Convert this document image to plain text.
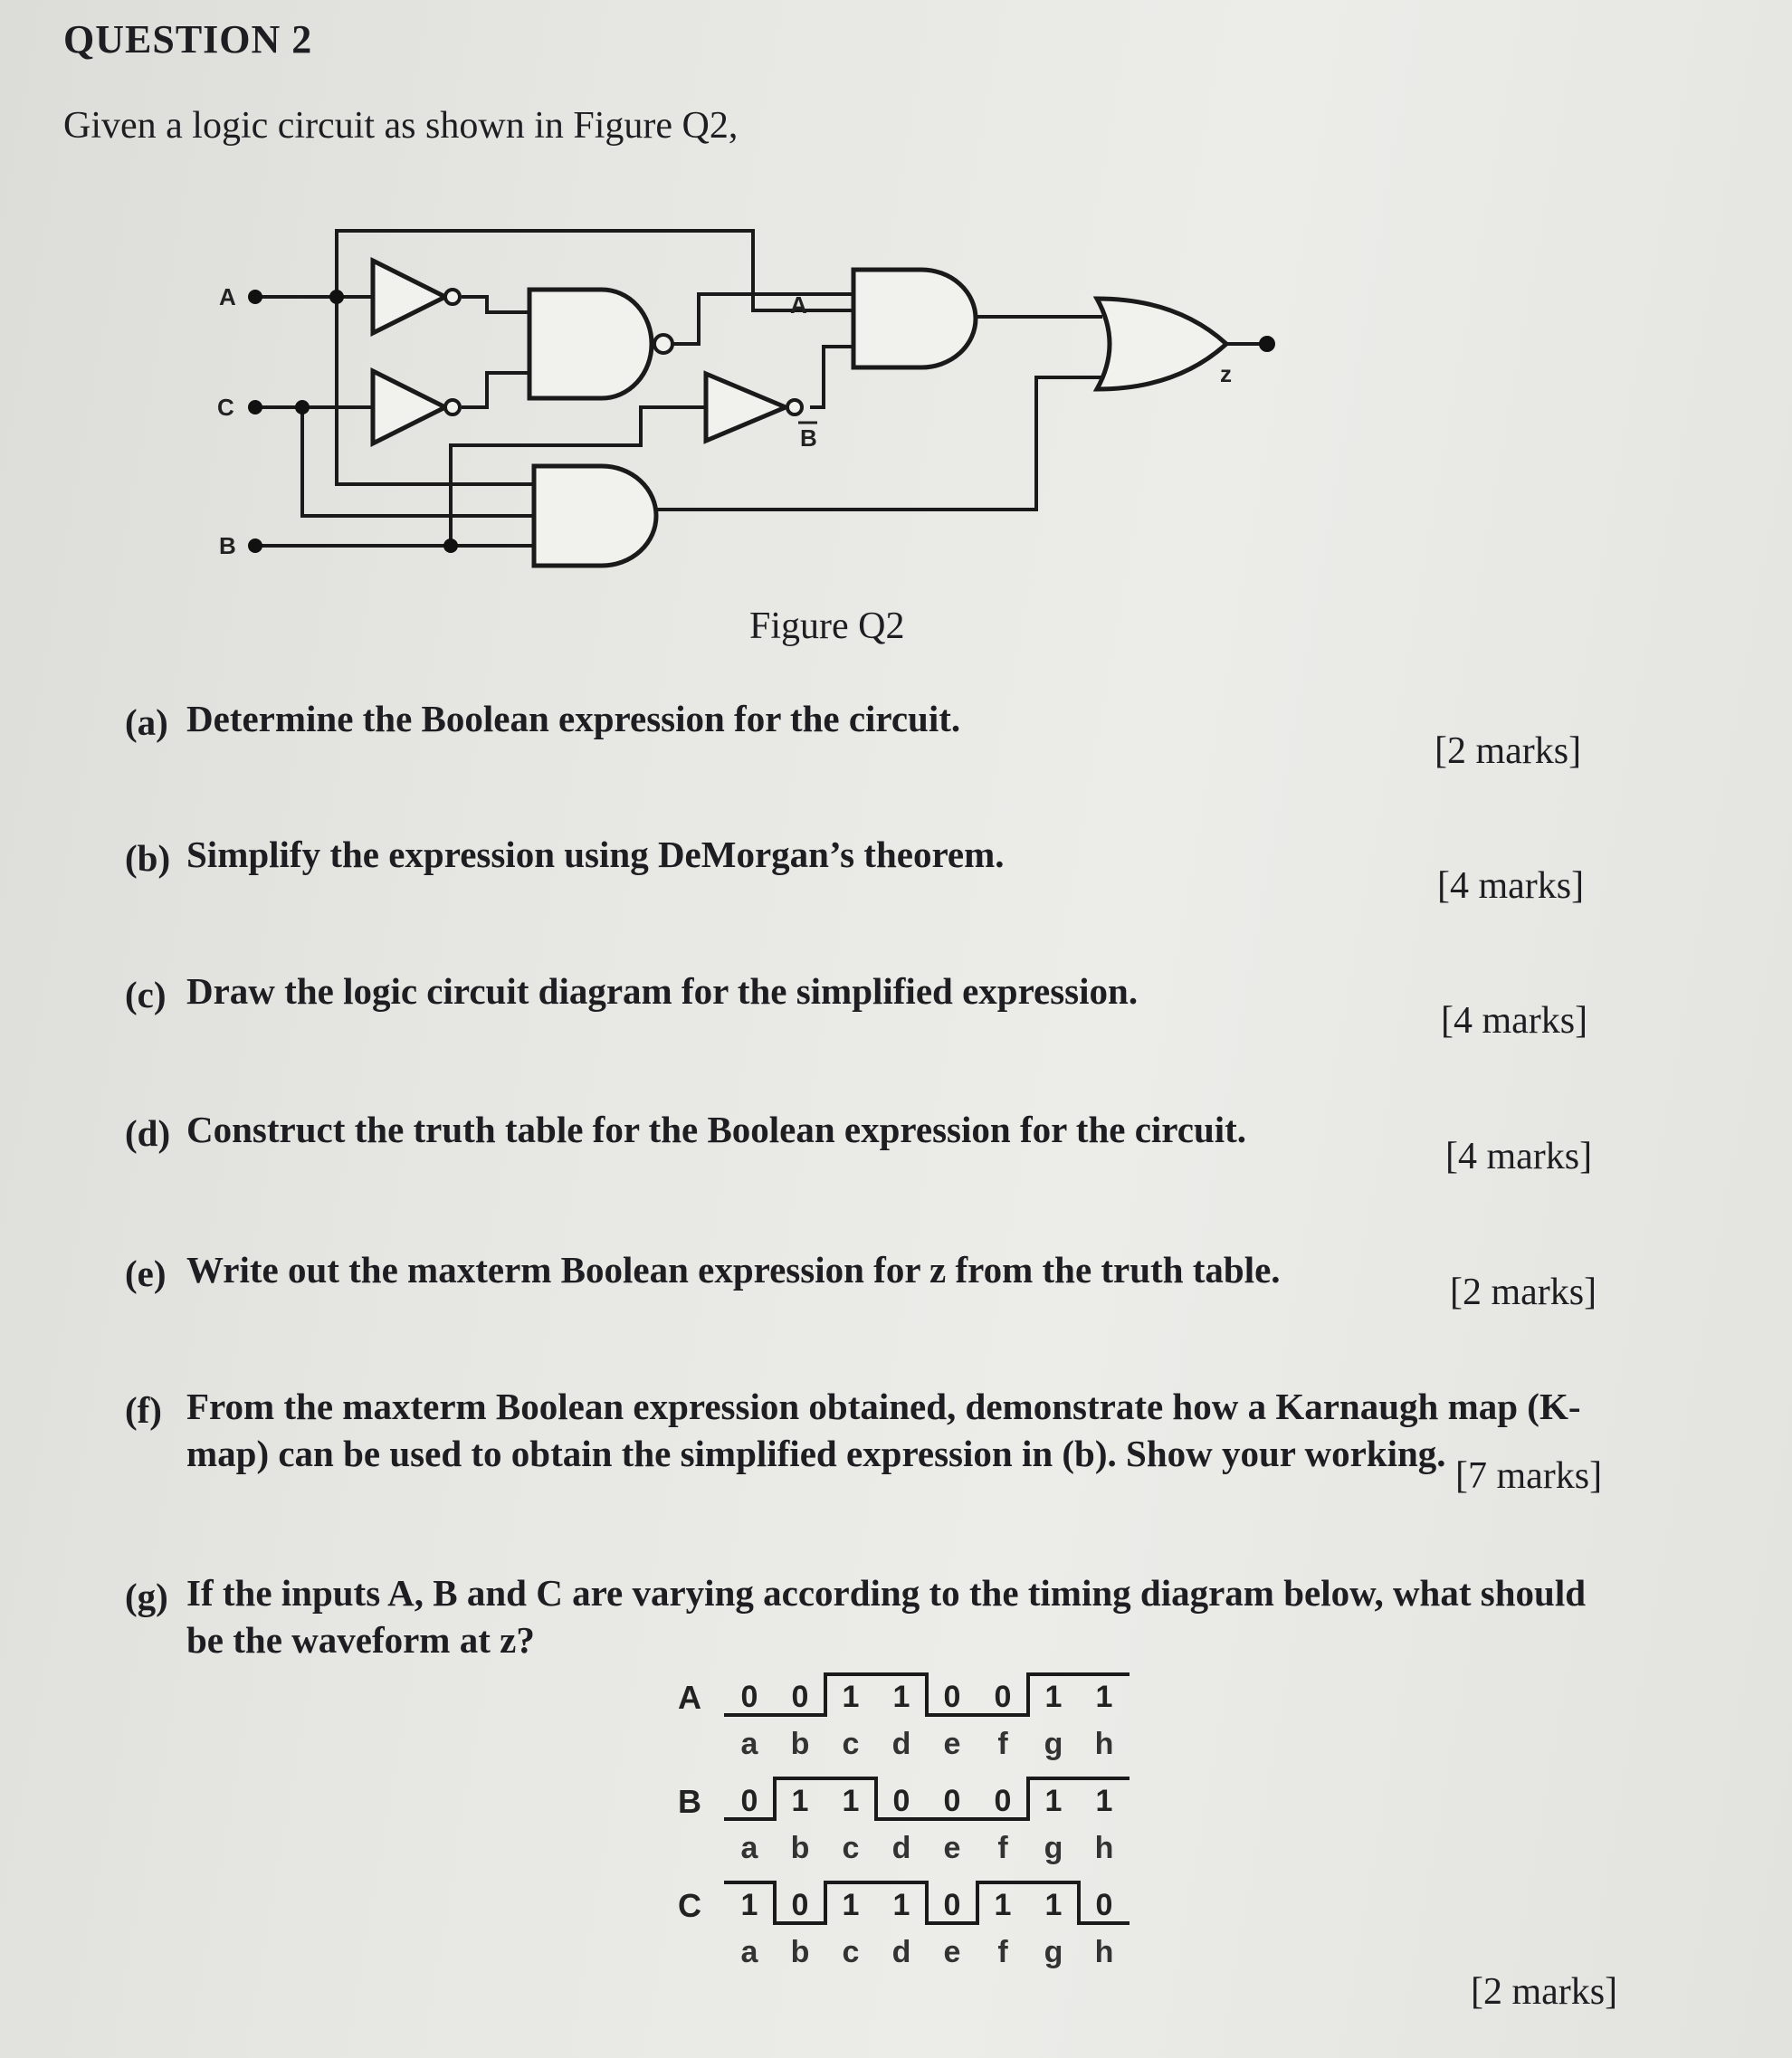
QUESTION 2
Given a logic circuit as shown in Figure Q2,
A
C
B
A
B
z
Figure Q2
(a) Determine the Boolean expression for the circuit.
[2 marks]
(b) Simplify the expression using DeMorgan’s theorem.
[4 marks]
(c) Draw the logic circuit diagram for the simplified expression.
[4 marks]
(d) Construct the truth table for the Boolean expression for the circuit.
[4 marks]
(e) Write out the maxterm Boolean expression for z from the truth table.
[2 marks]
(f) From the maxterm Boolean expression obtained, demonstrate how a Karnaugh map (K-
map) can be used to obtain the simplified expression in (b). Show your working.
[7 marks]
(g) If the inputs A, B and C are varying according to the timing diagram below, what should
be the waveform at z?
[2 marks]
A 0 0 1 1 0 0 1 1
a b c d e f g h
B 0 1 1 0 0 0 1 1
a b c d e f g h
C 1 0 1 1 0 1 1 0
a b c d e f g h
